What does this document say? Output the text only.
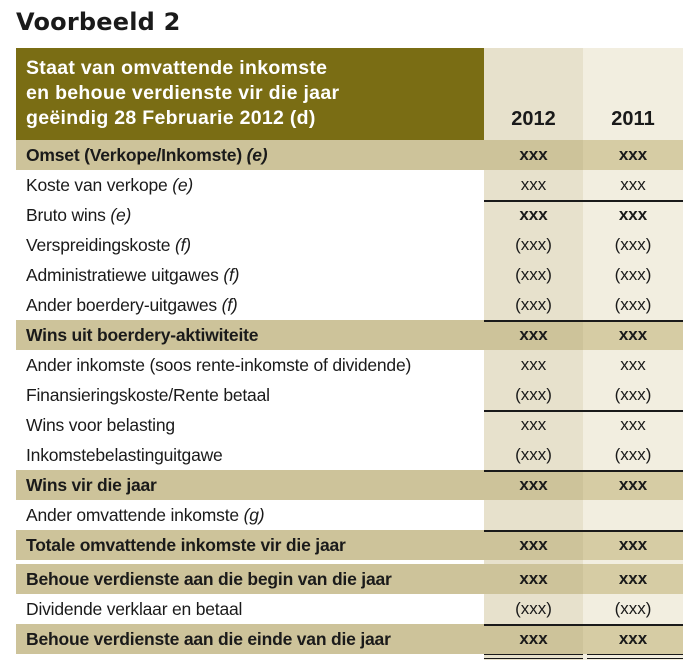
Voorbeeld 2
Staat van omvattende inkomste
en behoue verdienste vir die jaar
geëindig 28 Februarie 2012 (d)	2012	2011
Omset (Verkope/Inkomste) (e)	xxx	xxx
Koste van verkope (e)	xxx	xxx
Bruto wins (e)	xxx	xxx
Verspreidingskoste (f)	(xxx)	(xxx)
Administratiewe uitgawes (f)	(xxx)	(xxx)
Ander boerdery-uitgawes (f)	(xxx)	(xxx)
Wins uit boerdery-aktiwiteite	xxx	xxx
Ander inkomste (soos rente-inkomste of dividende)	xxx	xxx
Finansieringskoste/Rente betaal	(xxx)	(xxx)
Wins voor belasting	xxx	xxx
Inkomstebelastinguitgawe	(xxx)	(xxx)
Wins vir die jaar	xxx	xxx
Ander omvattende inkomste (g)
Totale omvattende inkomste vir die jaar	xxx	xxx
Behoue verdienste aan die begin van die jaar	xxx	xxx
Dividende verklaar en betaal	(xxx)	(xxx)
Behoue verdienste aan die einde van die jaar	xxx	xxx
